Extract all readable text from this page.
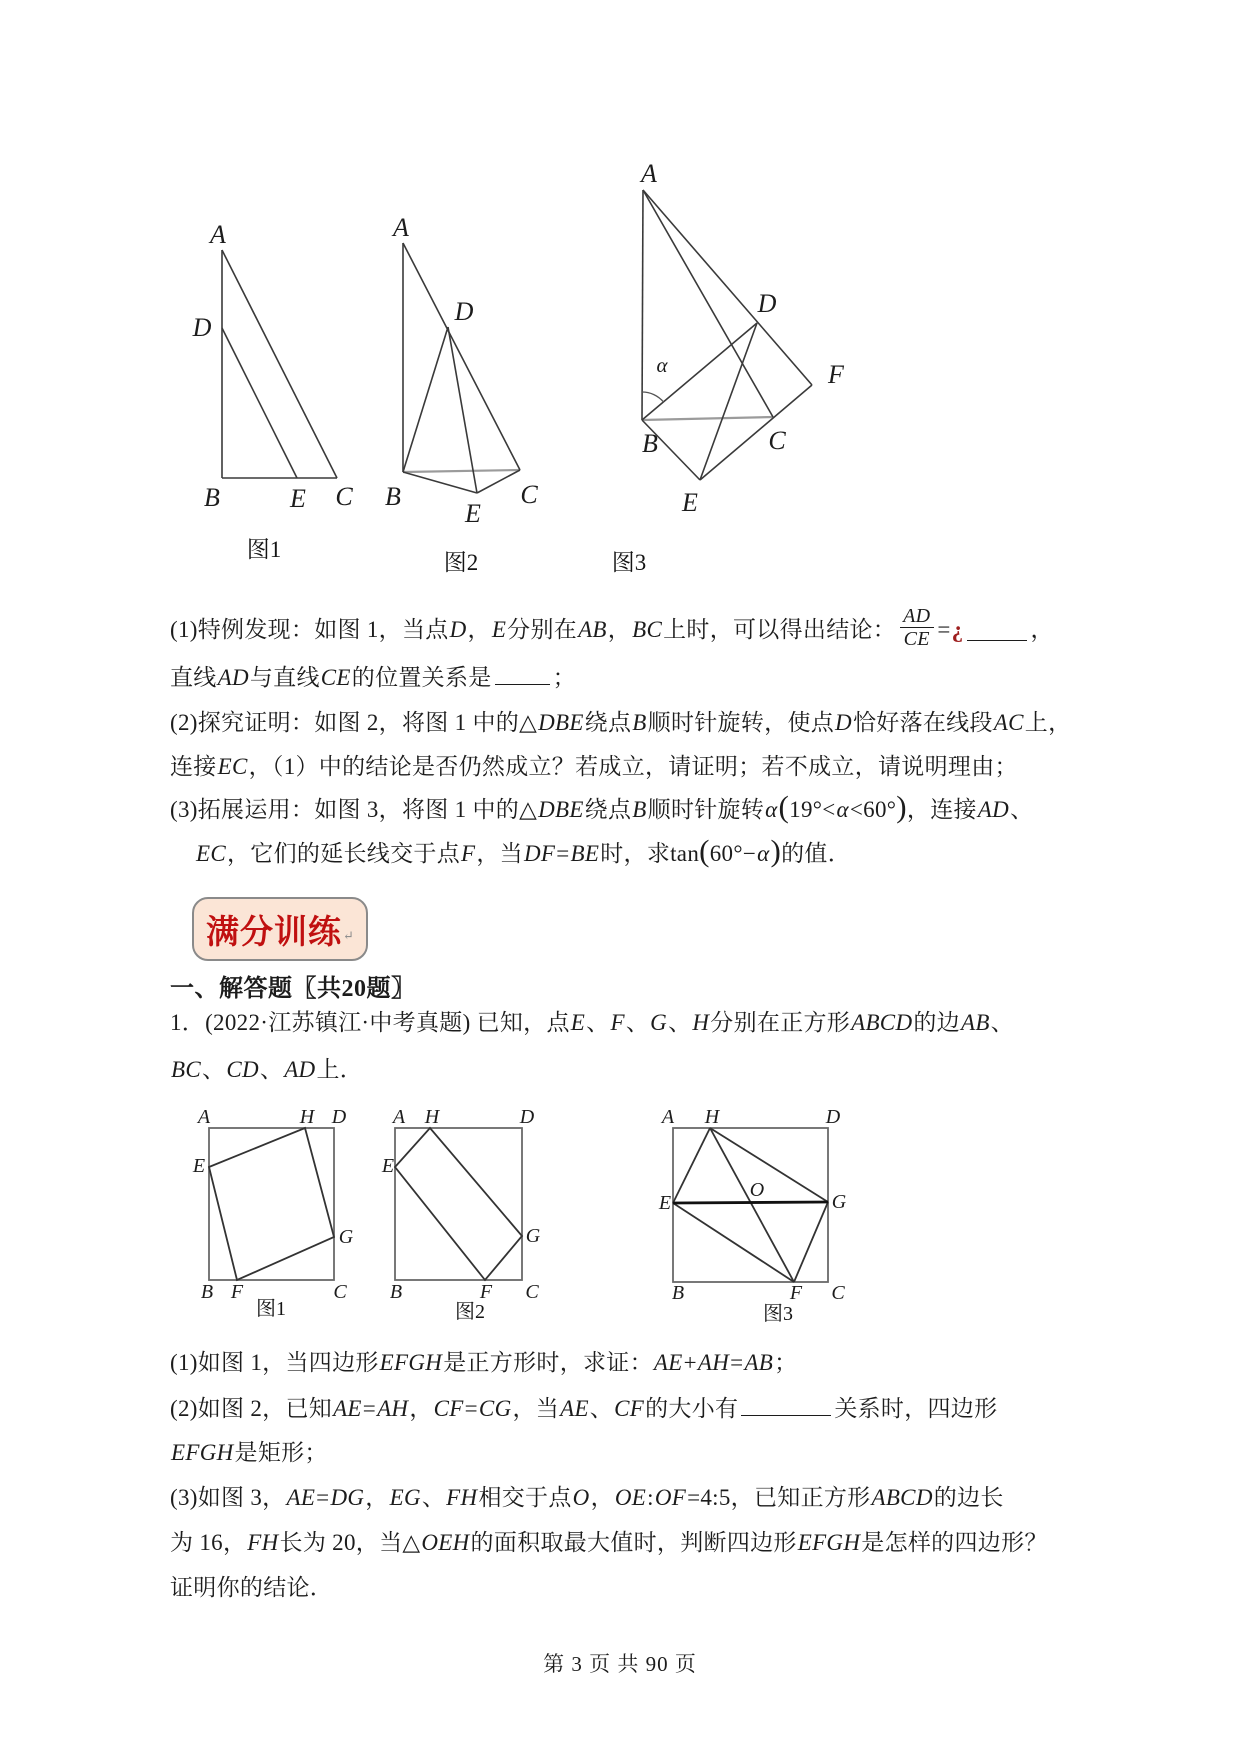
A
D
B	E C
图1
A
D
B
E
C
图2
A
α
D
F
B	C
E
图3
(1)特例发现：如图 1，当点 D ， E 分别在 AB ， BC 上时，可以得出结论： $\frac{AD}{CE}$ = ¿	，
直线AD与直线CE的位置关系是	；
(2)探究证明：如图 2，将图 1 中的△DBE绕点B顺时针旋转，使点D恰好落在线段AC上，
连接EC，（1）中的结论是否仍然成立？若成立，请证明；若不成立，请说明理由；
(3)拓展运用：如图 3，将图 1 中的△DBE绕点B顺时针旋转α(19°<α<60°)，连接AD、
EC，它们的延长线交于点F，当DF=BE时，求tan(60°−α)的值．
满分训练 ↵
一、解答题〖共20题〗
1．(2022·江苏镇江·中考真题) 已知，点E、F、G、H分别在正方形ABCD的边AB、
BC、CD、AD上．
A	H D
E
G
B F	C
图1
A H	D
E
G
B	F C
图2
A H	D
E
O
G
B	F C
图3
(1)如图 1，当四边形EFGH是正方形时，求证：AE+AH=AB；
(2)如图 2，已知AE=AH，CF=CG，当AE、CF的大小有	关系时，四边形
EFGH是矩形；
(3)如图 3，AE=DG，EG、FH相交于点O，OE:OF=4:5，已知正方形ABCD的边长
为 16，FH长为 20，当△OEH的面积取最大值时，判断四边形EFGH是怎样的四边形？
证明你的结论．
第 3 页 共 90 页
